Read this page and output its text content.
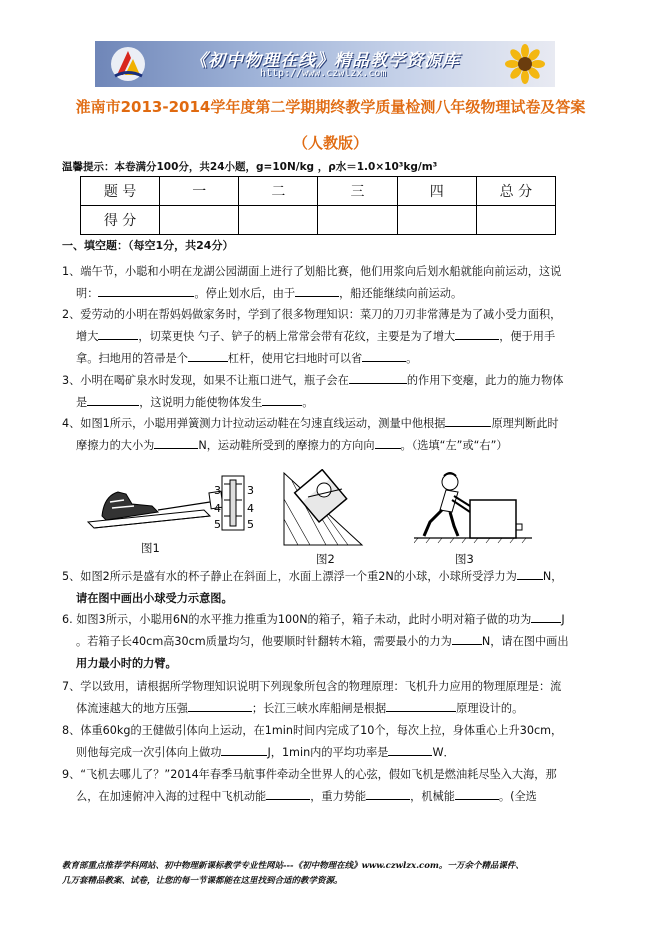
《初中物理在线》精品教学资源库
http://www.czwlzx.com
淮南市2013-2014学年度第二学期期终教学质量检测八年级物理试卷及答案
（人教版）
温馨提示：本卷满分100分，共24小题，g=10N/kg ，ρ水＝1.0×10³kg/m³
题 号	一	二	三	四	总 分
得 分					
一、填空题：（每空1分，共24分）
1、端午节，小聪和小明在龙湖公园湖面上进行了划船比赛，他们用浆向后划水船就能向前运动，这说
明：	。停止划水后，由于	，船还能继续向前运动。
2、爱劳动的小明在帮妈妈做家务时，学到了很多物理知识：菜刀的刀刃非常薄是为了减小受力面积，
增大	，切菜更快 勺子、铲子的柄上常常会带有花纹，主要是为了增大	，便于用手
拿。扫地用的笤帚是个	杠杆，使用它扫地时可以省	。
3、小明在喝矿泉水时发现，如果不让瓶口进气，瓶子会在	的作用下变瘪，此力的施力物体
是	，这说明力能使物体发生	。
4、如图1所示，小聪用弹簧测力计拉动运动鞋在匀速直线运动，测量中他根据	原理判断此时
摩擦力的大小为	N，运动鞋所受到的摩擦力的方向向 。（选填“左”或“右”）
3
4
5
3
4
5
图1
图2	图3
5、如图2所示是盛有水的杯子静止在斜面上，水面上漂浮一个重2N的小球，小球所受浮力为 N，
请在图中画出小球受力示意图。
6. 如图3所示，小聪用6N的水平推力推重为100N的箱子，箱子未动，此时小明对箱子做的功为	J
。若箱子长40cm高30cm质量均匀，他要顺时针翻转木箱，需要最小的力为	N，请在图中画出
用力最小时的力臂。
7、学以致用，请根据所学物理知识说明下列现象所包含的物理原理：飞机升力应用的物理原理是：流
体流速越大的地方压强	；长江三峡水库船闸是根据	原理设计的。
8、体重60kg的王健做引体向上运动，在1min时间内完成了10个，每次上拉，身体重心上升30cm，
则他每完成一次引体向上做功	J，1min内的平均功率是	W．
9、“飞机去哪儿了？”2014年春季马航事件牵动全世界人的心弦，假如飞机是燃油耗尽坠入大海，那
么，在加速俯冲入海的过程中飞机动能	，重力势能	，机械能	。(全选
教育部重点推荐学科网站、初中物理新课标教学专业性网站---《初中物理在线》www.czwlzx.com。一万余个精品课件、
几万套精品教案、试卷，让您的每一节课都能在这里找到合适的教学资源。
